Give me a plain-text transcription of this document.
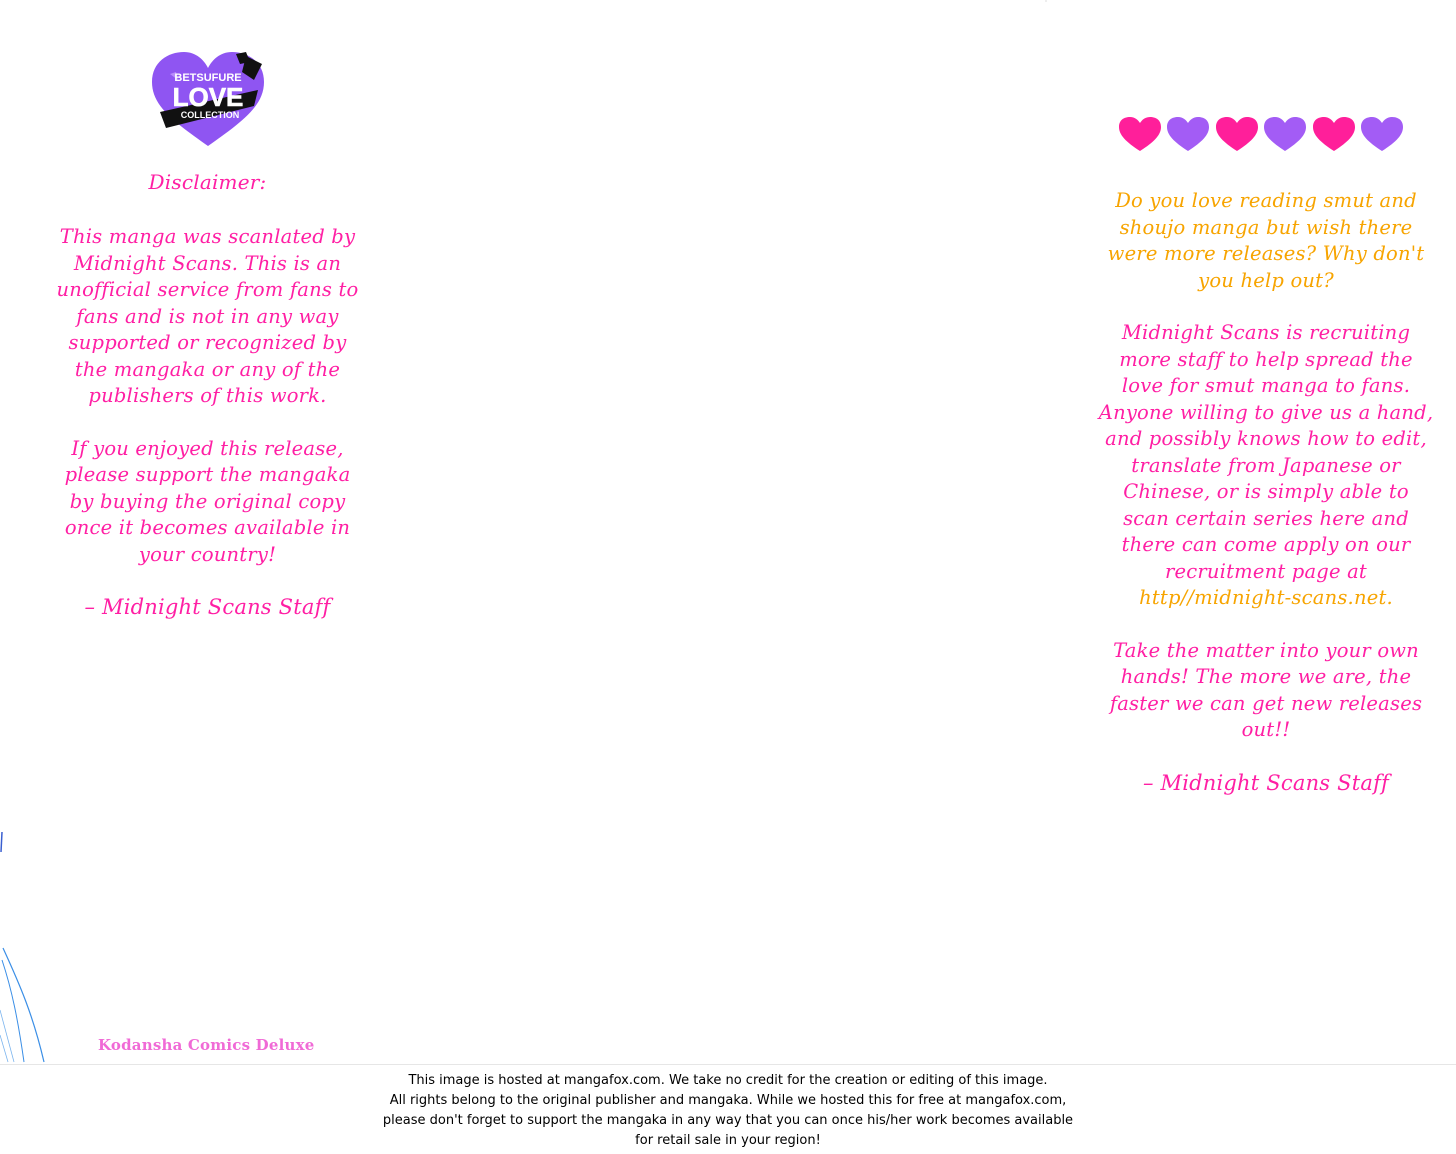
BETSUFURE
LOVE
COLLECTION
Disclaimer:

This manga was scanlated by Midnight Scans. This is an unofficial service from fans to fans and is not in any way supported or recognized by the mangaka or any of the publishers of this work.

If you enjoyed this release, please support the mangaka by buying the original copy once it becomes available in your country!

– Midnight Scans Staff

Do you love reading smut and shoujo manga but wish there were more releases? Why don't you help out?

Midnight Scans is recruiting more staff to help spread the love for smut manga to fans. Anyone willing to give us a hand, and possibly knows how to edit, translate from Japanese or Chinese, or is simply able to scan certain series here and there can come apply on our recruitment page at http//midnight-scans.net.

Take the matter into your own hands! The more we are, the faster we can get new releases out!!

– Midnight Scans Staff
Kodansha Comics Deluxe
This image is hosted at mangafox.com. We take no credit for the creation or editing of this image.
All rights belong to the original publisher and mangaka. While we hosted this for free at mangafox.com,
please don't forget to support the mangaka in any way that you can once his/her work becomes available
for retail sale in your region!
